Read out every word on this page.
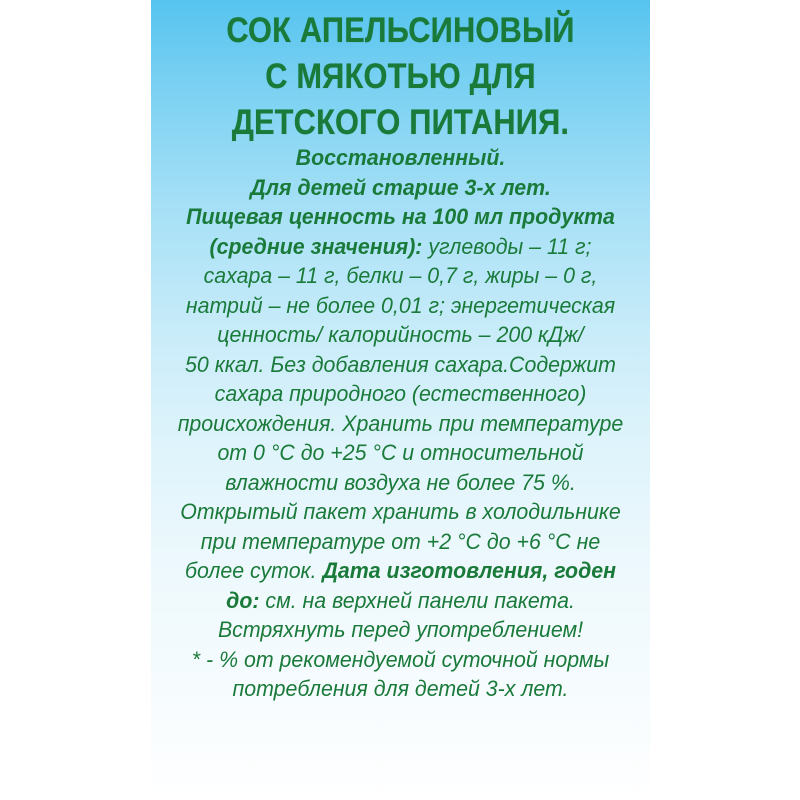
СОК АПЕЛЬСИНОВЫЙ
С МЯКОТЬЮ ДЛЯ
ДЕТСКОГО ПИТАНИЯ.
Восстановленный.
Для детей старше 3-х лет.
Пищевая ценность на 100 мл продукта
(средние значения): углеводы – 11 г;
сахара – 11 г, белки – 0,7 г, жиры – 0 г,
натрий – не более 0,01 г; энергетическая
ценность/ калорийность – 200 кДж/
50 ккал. Без добавления сахара.Содержит
сахара природного (естественного)
происхождения. Хранить при температуре
от 0 °С до +25 °С и относительной
влажности воздуха не более 75 %.
Открытый пакет хранить в холодильнике
при температуре от +2 °С до +6 °С не
более суток. Дата изготовления, годен
до: см. на верхней панели пакета.
Встряхнуть перед употреблением!
* - % от рекомендуемой суточной нормы
потребления для детей 3-х лет.
